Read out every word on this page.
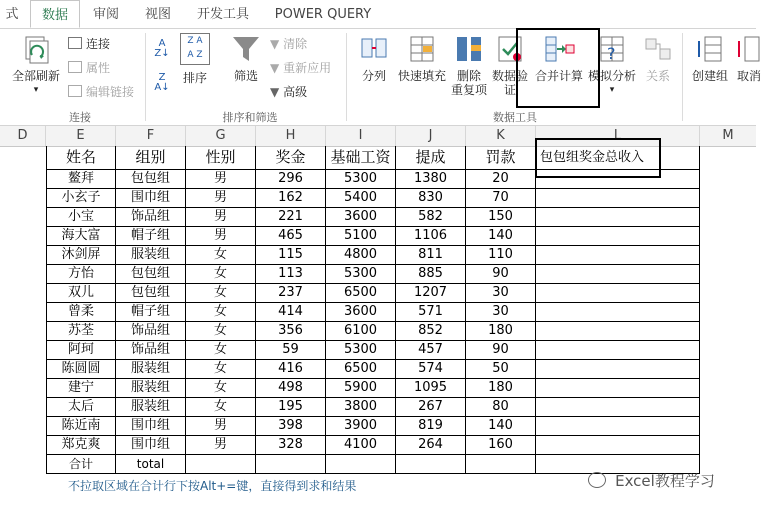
式	数据	审阅	视图	开发工具	POWER QUERY
全部刷新
▾
连接
属性
编辑链接
连接
A
Z↓
Z
A↓
Z A
A Z
排序	筛选
▼ 清除
▼ 重新应用
▼ 高级
排序和筛选
分列 快速填充 删除
重复项
数据验
证
合并计算
?
模拟分析
▾
关系
数据工具
创建组 取消
D	E	F	G	H	I	J	K	L	M
姓名	组别	性别	奖金	基础工资	提成	罚款	包包组奖金总收入
鳌拜	包包组	男	296	5300	1380	20
小玄子	围巾组	男	162	5400	830	70
小宝	饰品组	男	221	3600	582	150
海大富	帽子组	男	465	5100	1106	140
沐剑屏	服装组	女	115	4800	811	110
方怡	包包组	女	113	5300	885	90
双儿	包包组	女	237	6500	1207	30
曾柔	帽子组	女	414	3600	571	30
苏荃	饰品组	女	356	6100	852	180
阿珂	饰品组	女	59	5300	457	90
陈圆圆	服装组	女	416	6500	574	50
建宁	服装组	女	498	5900	1095	180
太后	服装组	女	195	3800	267	80
陈近南	围巾组	男	398	3900	819	140
郑克爽	围巾组	男	328	4100	264	160
合计	total
不拉取区域在合计行下按Alt+=键，直接得到求和结果	Excel教程学习
